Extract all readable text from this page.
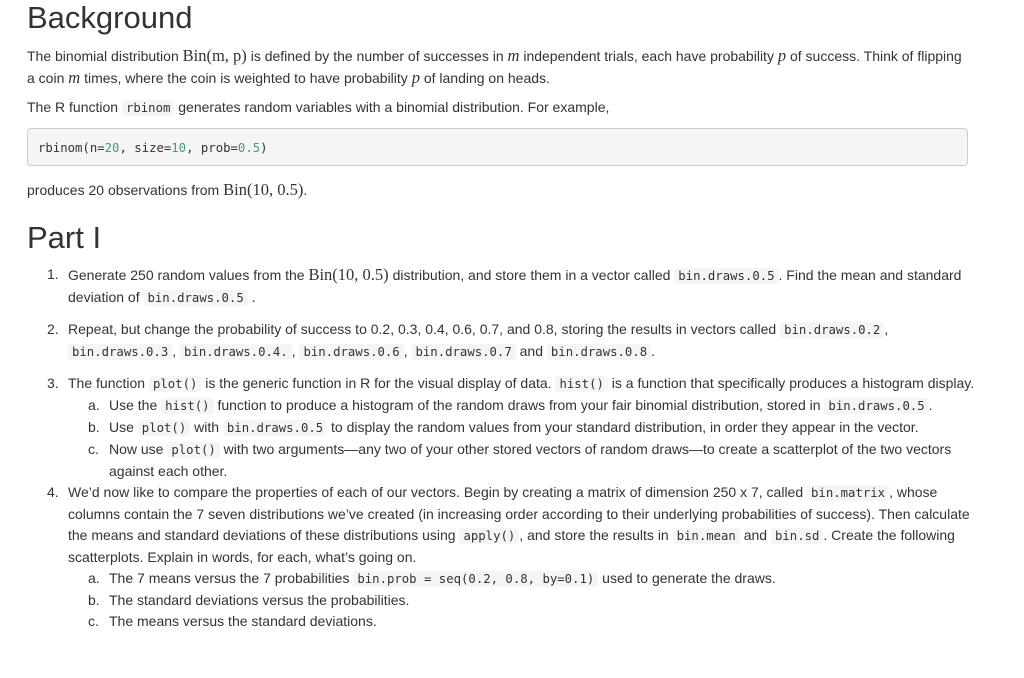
Background

The binomial distribution Bin(m, p) is defined by the number of successes in m independent trials, each have probability p of success. Think of flipping a coin m times, where the coin is weighted to have probability p of landing on heads.

The R function rbinom generates random variables with a binomial distribution. For example,

rbinom(n=20, size=10, prob=0.5)

produces 20 observations from Bin(10, 0.5).

Part I
1. Generate 250 random values from the Bin(10, 0.5) distribution, and store them in a vector called bin.draws.0.5 . Find the mean and standard deviation of bin.draws.0.5 .
2. Repeat, but change the probability of success to 0.2, 0.3, 0.4, 0.6, 0.7, and 0.8, storing the results in vectors called bin.draws.0.2 , bin.draws.0.3 , bin.draws.0.4. , bin.draws.0.6 , bin.draws.0.7 and bin.draws.0.8 .
3. The function plot() is the generic function in R for the visual display of data. hist() is a function that specifically produces a histogram display.
a. Use the hist() function to produce a histogram of the random draws from your fair binomial distribution, stored in bin.draws.0.5 .
b. Use plot() with bin.draws.0.5 to display the random values from your standard distribution, in order they appear in the vector.
c. Now use plot() with two arguments—any two of your other stored vectors of random draws—to create a scatterplot of the two vectors against each other.
4. We’d now like to compare the properties of each of our vectors. Begin by creating a matrix of dimension 250 x 7, called bin.matrix , whose columns contain the 7 seven distributions we’ve created (in increasing order according to their underlying probabilities of success). Then calculate the means and standard deviations of these distributions using apply() , and store the results in bin.mean and bin.sd . Create the following scatterplots. Explain in words, for each, what’s going on.
a. The 7 means versus the 7 probabilities bin.prob = seq(0.2, 0.8, by=0.1) used to generate the draws.
b. The standard deviations versus the probabilities.
c. The means versus the standard deviations.
